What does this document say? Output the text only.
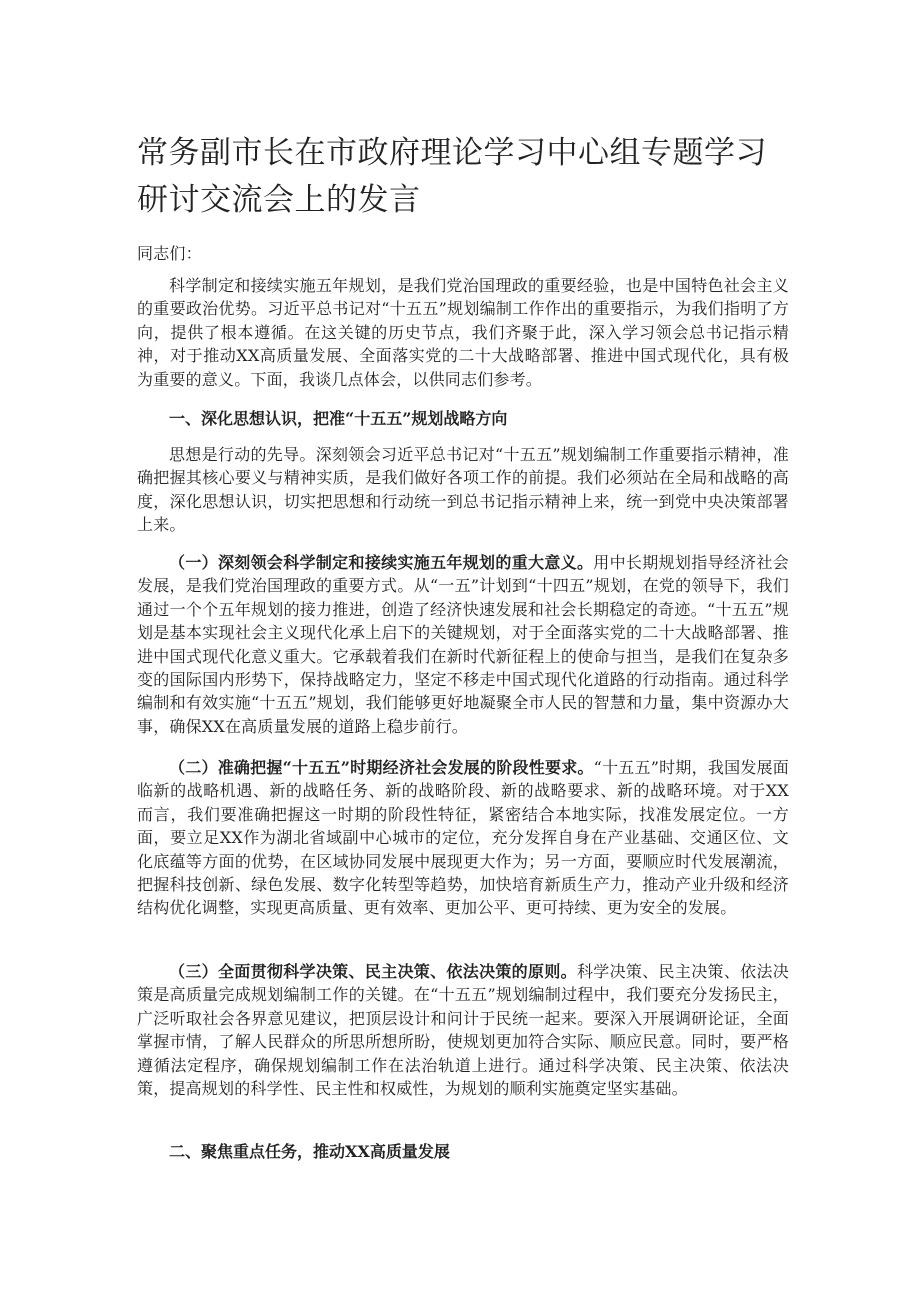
常务副市长在市政府理论学习中心组专题学习研讨交流会上的发言

同志们：

科学制定和接续实施五年规划，是我们党治国理政的重要经验，也是中国特色社会主义的重要政治优势。习近平总书记对“十五五”规划编制工作作出的重要指示，为我们指明了方向，提供了根本遵循。在这关键的历史节点，我们齐聚于此，深入学习领会总书记指示精神，对于推动XX高质量发展、全面落实党的二十大战略部署、推进中国式现代化，具有极为重要的意义。下面，我谈几点体会，以供同志们参考。

一、深化思想认识，把准“十五五”规划战略方向

思想是行动的先导。深刻领会习近平总书记对“十五五”规划编制工作重要指示精神，准确把握其核心要义与精神实质，是我们做好各项工作的前提。我们必须站在全局和战略的高度，深化思想认识，切实把思想和行动统一到总书记指示精神上来，统一到党中央决策部署上来。

（一）深刻领会科学制定和接续实施五年规划的重大意义。用中长期规划指导经济社会发展，是我们党治国理政的重要方式。从“一五”计划到“十四五”规划，在党的领导下，我们通过一个个五年规划的接力推进，创造了经济快速发展和社会长期稳定的奇迹。“十五五”规划是基本实现社会主义现代化承上启下的关键规划，对于全面落实党的二十大战略部署、推进中国式现代化意义重大。它承载着我们在新时代新征程上的使命与担当，是我们在复杂多变的国际国内形势下，保持战略定力，坚定不移走中国式现代化道路的行动指南。通过科学编制和有效实施“十五五”规划，我们能够更好地凝聚全市人民的智慧和力量，集中资源办大事，确保XX在高质量发展的道路上稳步前行。

（二）准确把握“十五五”时期经济社会发展的阶段性要求。“十五五”时期，我国发展面临新的战略机遇、新的战略任务、新的战略阶段、新的战略要求、新的战略环境。对于XX而言，我们要准确把握这一时期的阶段性特征，紧密结合本地实际，找准发展定位。一方面，要立足XX作为湖北省域副中心城市的定位，充分发挥自身在产业基础、交通区位、文化底蕴等方面的优势，在区域协同发展中展现更大作为；另一方面，要顺应时代发展潮流，把握科技创新、绿色发展、数字化转型等趋势，加快培育新质生产力，推动产业升级和经济结构优化调整，实现更高质量、更有效率、更加公平、更可持续、更为安全的发展。

（三）全面贯彻科学决策、民主决策、依法决策的原则。科学决策、民主决策、依法决策是高质量完成规划编制工作的关键。在“十五五”规划编制过程中，我们要充分发扬民主，广泛听取社会各界意见建议，把顶层设计和问计于民统一起来。要深入开展调研论证，全面掌握市情，了解人民群众的所思所想所盼，使规划更加符合实际、顺应民意。同时，要严格遵循法定程序，确保规划编制工作在法治轨道上进行。通过科学决策、民主决策、依法决策，提高规划的科学性、民主性和权威性，为规划的顺利实施奠定坚实基础。

二、聚焦重点任务，推动XX高质量发展
